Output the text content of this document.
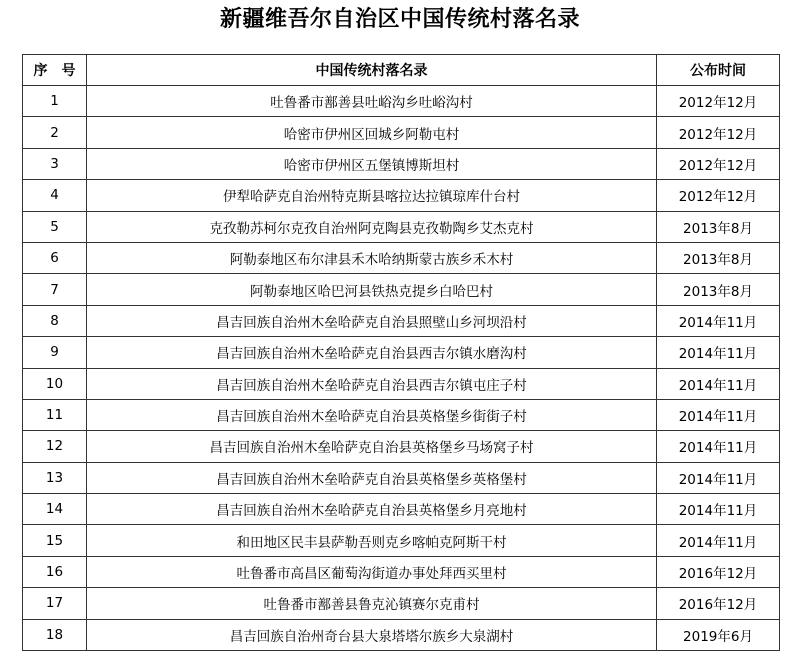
新疆维吾尔自治区中国传统村落名录
序　号	中国传统村落名录	公布时间
1	吐鲁番市鄯善县吐峪沟乡吐峪沟村	2012年12月
2	哈密市伊州区回城乡阿勒屯村	2012年12月
3	哈密市伊州区五堡镇博斯坦村	2012年12月
4	伊犁哈萨克自治州特克斯县喀拉达拉镇琼库什台村	2012年12月
5	克孜勒苏柯尔克孜自治州阿克陶县克孜勒陶乡艾杰克村	2013年8月
6	阿勒泰地区布尔津县禾木哈纳斯蒙古族乡禾木村	2013年8月
7	阿勒泰地区哈巴河县铁热克提乡白哈巴村	2013年8月
8	昌吉回族自治州木垒哈萨克自治县照壁山乡河坝沿村	2014年11月
9	昌吉回族自治州木垒哈萨克自治县西吉尔镇水磨沟村	2014年11月
10	昌吉回族自治州木垒哈萨克自治县西吉尔镇屯庄子村	2014年11月
11	昌吉回族自治州木垒哈萨克自治县英格堡乡街街子村	2014年11月
12	昌吉回族自治州木垒哈萨克自治县英格堡乡马场窝子村	2014年11月
13	昌吉回族自治州木垒哈萨克自治县英格堡乡英格堡村	2014年11月
14	昌吉回族自治州木垒哈萨克自治县英格堡乡月亮地村	2014年11月
15	和田地区民丰县萨勒吾则克乡喀帕克阿斯干村	2014年11月
16	吐鲁番市高昌区葡萄沟街道办事处拜西买里村	2016年12月
17	吐鲁番市鄯善县鲁克沁镇赛尔克甫村	2016年12月
18	昌吉回族自治州奇台县大泉塔塔尔族乡大泉湖村	2019年6月
